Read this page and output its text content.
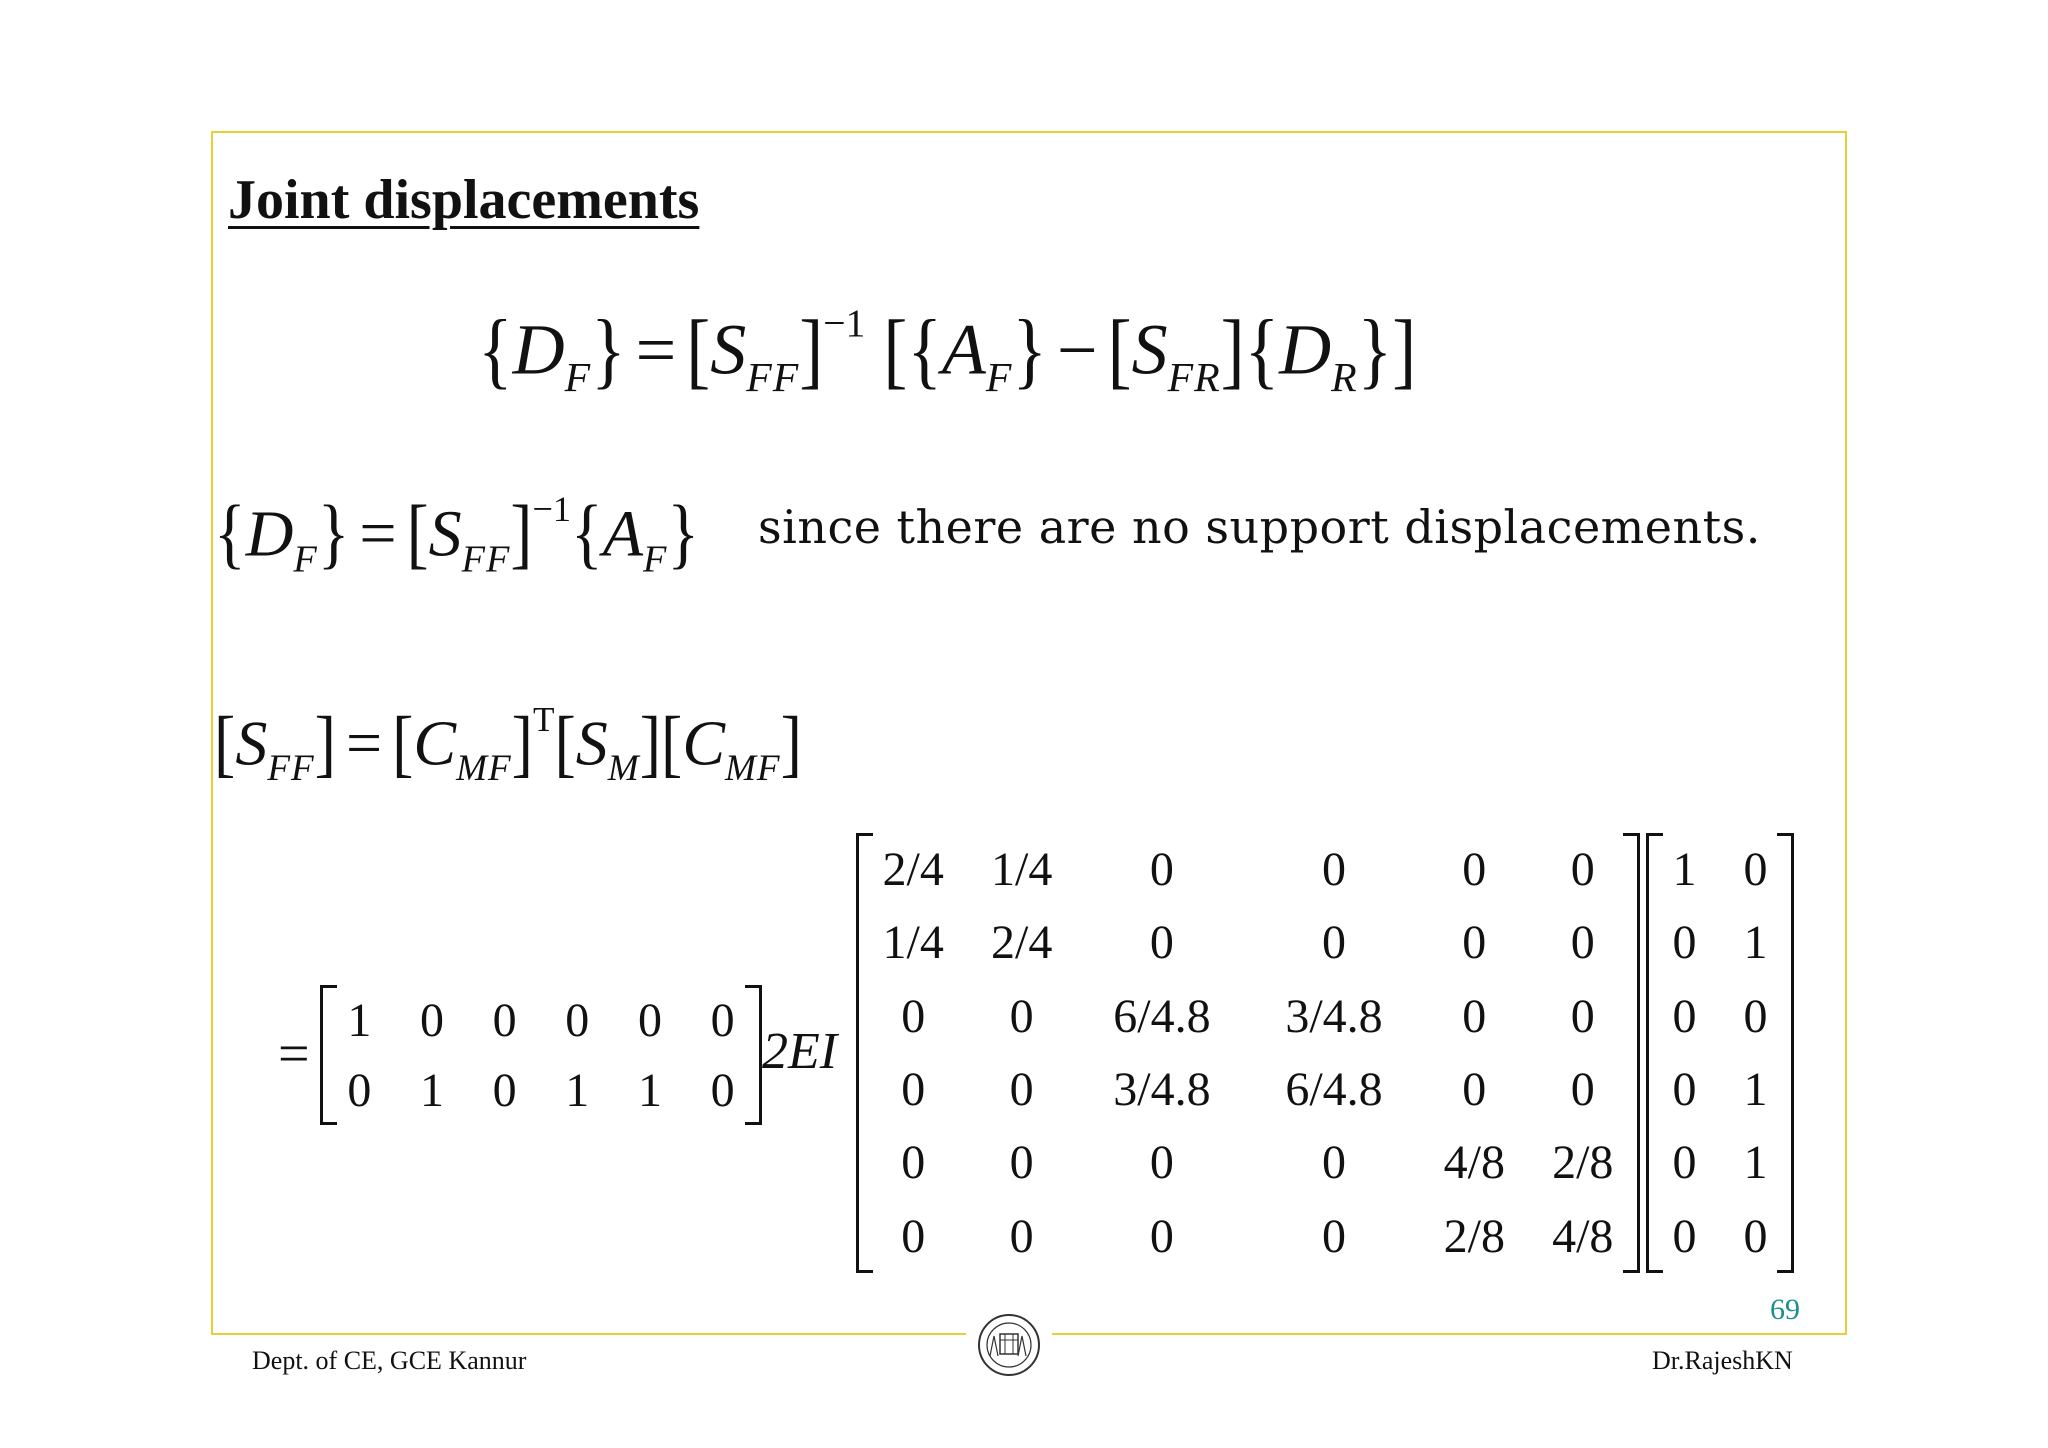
Joint displacements
$\{D_F\} = [S_{FF}]^{-1}$ $[\{A_F\} - [S_{FR}]\{D_R\}]$
$\{D_F\} = [S_{FF}]^{-1}\{A_F\}$ since there are no support displacements.
$[S_{FF}] = [C_{MF}]^T[S_M][C_{MF}]$
=
1	0	0	0	0	0
0	1	0	1	1	0
2EI
2/4	1/4	0	0	0	0
1/4	2/4	0	0	0	0
0	0	6/4.8	3/4.8	0	0
0	0	3/4.8	6/4.8	0	0
0	0	0	0	4/8	2/8
0	0	0	0	2/8	4/8
1	0
0	1
0	0
0	1
0	1
0	0
69
Dept. of CE, GCE Kannur	Dr.RajeshKN
